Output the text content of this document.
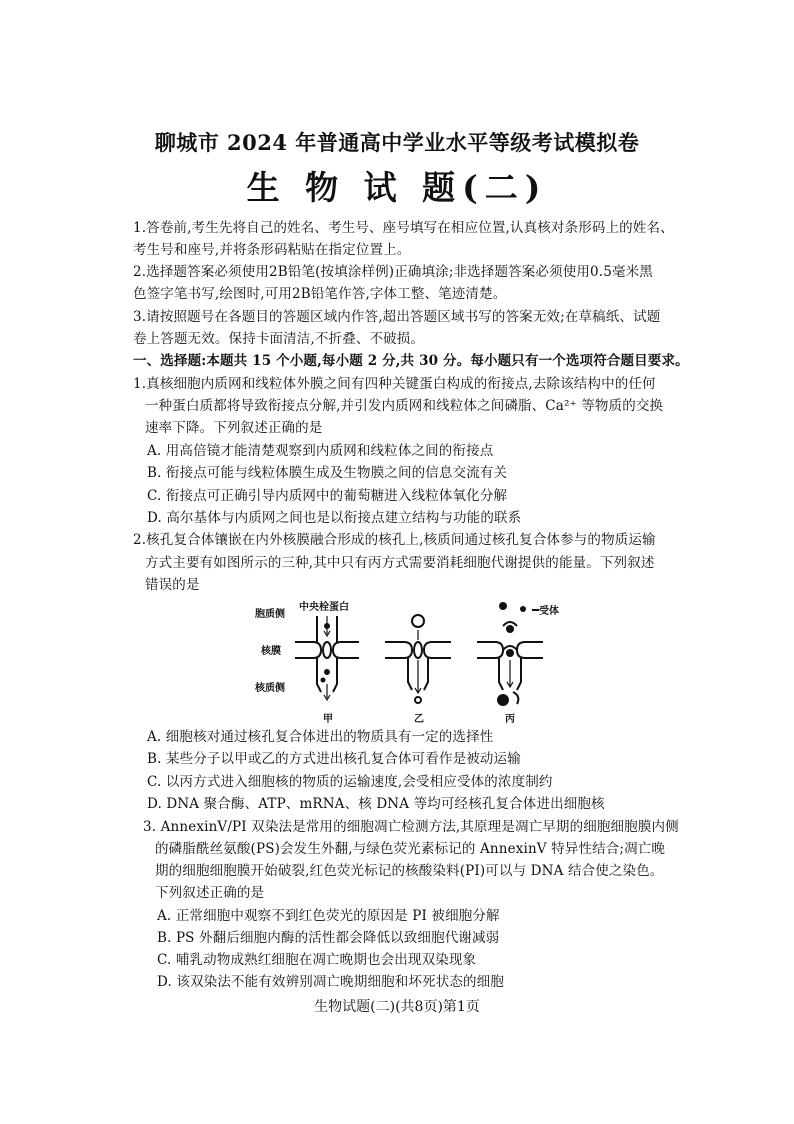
聊城市 2024 年普通高中学业水平等级考试模拟卷
生 物 试 题(二)
1.答卷前,考生先将自己的姓名、考生号、座号填写在相应位置,认真核对条形码上的姓名、
考生号和座号,并将条形码粘贴在指定位置上。
2.选择题答案必须使用2B铅笔(按填涂样例)正确填涂;非选择题答案必须使用0.5毫米黑
色签字笔书写,绘图时,可用2B铅笔作答,字体工整、笔迹清楚。
3.请按照题号在各题目的答题区域内作答,超出答题区域书写的答案无效;在草稿纸、试题
卷上答题无效。保持卡面清洁,不折叠、不破损。
一、选择题:本题共 15 个小题,每小题 2 分,共 30 分。每小题只有一个选项符合题目要求。
1.真核细胞内质网和线粒体外膜之间有四种关键蛋白构成的衔接点,去除该结构中的任何
一种蛋白质都将导致衔接点分解,并引发内质网和线粒体之间磷脂、Ca²⁺ 等物质的交换
速率下降。下列叙述正确的是
A. 用高倍镜才能清楚观察到内质网和线粒体之间的衔接点
B. 衔接点可能与线粒体膜生成及生物膜之间的信息交流有关
C. 衔接点可正确引导内质网中的葡萄糖进入线粒体氧化分解
D. 高尔基体与内质网之间也是以衔接点建立结构与功能的联系
2.核孔复合体镶嵌在内外核膜融合形成的核孔上,核质间通过核孔复合体参与的物质运输
方式主要有如图所示的三种,其中只有丙方式需要消耗细胞代谢提供的能量。下列叙述
错误的是
胞质侧
核膜
核质侧
中央栓蛋白	受体
甲	乙	丙
A. 细胞核对通过核孔复合体进出的物质具有一定的选择性
B. 某些分子以甲或乙的方式进出核孔复合体可看作是被动运输
C. 以丙方式进入细胞核的物质的运输速度,会受相应受体的浓度制约
D. DNA 聚合酶、ATP、mRNA、核 DNA 等均可经核孔复合体进出细胞核
3. AnnexinV/PI 双染法是常用的细胞凋亡检测方法,其原理是凋亡早期的细胞细胞膜内侧
的磷脂酰丝氨酸(PS)会发生外翻,与绿色荧光素标记的 AnnexinV 特异性结合;凋亡晚
期的细胞细胞膜开始破裂,红色荧光标记的核酸染料(PI)可以与 DNA 结合使之染色。
下列叙述正确的是
A. 正常细胞中观察不到红色荧光的原因是 PI 被细胞分解
B. PS 外翻后细胞内酶的活性都会降低以致细胞代谢减弱
C. 哺乳动物成熟红细胞在凋亡晚期也会出现双染现象
D. 该双染法不能有效辨别凋亡晚期细胞和坏死状态的细胞
生物试题(二)(共8页)第1页
